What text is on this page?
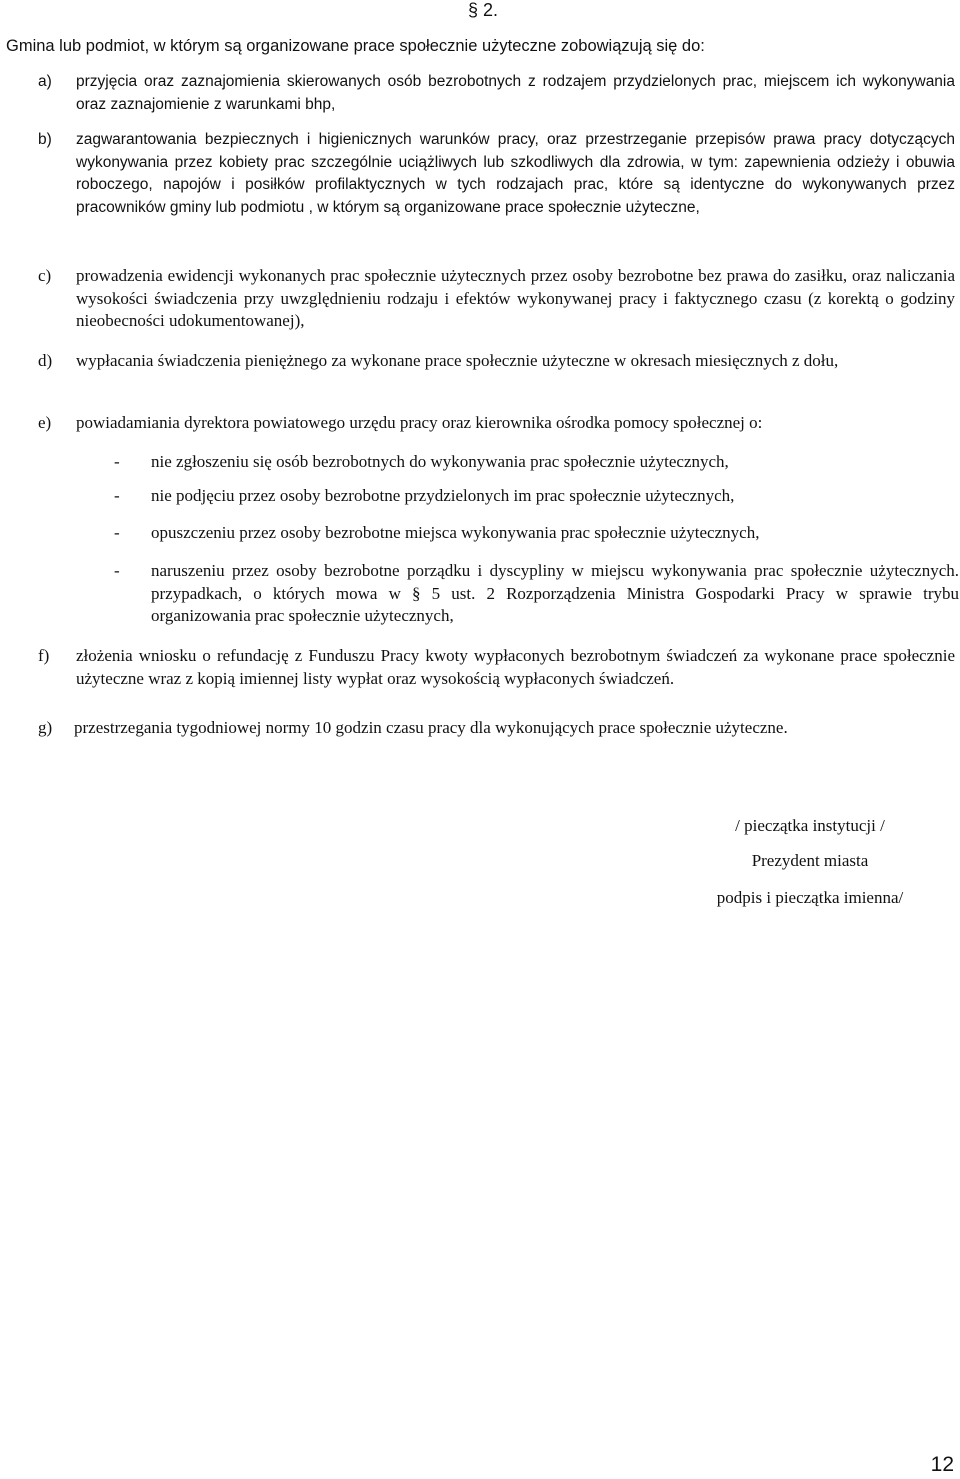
§ 2.
Gmina lub podmiot, w którym są organizowane prace społecznie użyteczne zobowiązują się do:
a)	przyjęcia oraz zaznajomienia skierowanych osób bezrobotnych z rodzajem przydzielonych prac, miejscem ich wykonywania oraz zaznajomienie z warunkami bhp,
b)	zagwarantowania bezpiecznych i higienicznych warunków pracy, oraz przestrzeganie przepisów prawa pracy dotyczących wykonywania przez kobiety prac szczególnie uciążliwych lub szkodliwych dla zdrowia, w tym: zapewnienia odzieży i obuwia roboczego, napojów i posiłków profilaktycznych w tych rodzajach prac, które są identyczne do wykonywanych przez pracowników gminy lub podmiotu , w którym są organizowane prace społecznie użyteczne,
c)	prowadzenia ewidencji wykonanych prac społecznie użytecznych przez osoby bezrobotne bez prawa do zasiłku, oraz naliczania wysokości świadczenia przy uwzględnieniu rodzaju i efektów wykonywanej pracy i faktycznego czasu (z korektą o godziny nieobecności udokumentowanej),
d)	wypłacania świadczenia pieniężnego za wykonane prace społecznie użyteczne w okresach miesięcznych z dołu,
e)	powiadamiania dyrektora powiatowego urzędu pracy oraz kierownika ośrodka pomocy społecznej o:
-	nie zgłoszeniu się osób bezrobotnych do wykonywania prac społecznie użytecznych,
-	nie podjęciu przez osoby bezrobotne przydzielonych im prac społecznie użytecznych,
-	opuszczeniu przez osoby bezrobotne miejsca wykonywania prac społecznie użytecznych,
-	naruszeniu przez osoby bezrobotne porządku i dyscypliny w miejscu wykonywania prac społecznie użytecznych. przypadkach, o których mowa w § 5 ust. 2 Rozporządzenia Ministra Gospodarki Pracy w sprawie trybu organizowania prac społecznie użytecznych,
f)	złożenia wniosku o refundację z Funduszu Pracy kwoty wypłaconych bezrobotnym świadczeń za wykonane prace społecznie użyteczne wraz z kopią imiennej listy wypłat oraz wysokością wypłaconych świadczeń.
g)	przestrzegania tygodniowej normy 10 godzin czasu pracy dla wykonujących prace społecznie użyteczne.
/ pieczątka instytucji /
Prezydent miasta
podpis i pieczątka imienna/
12
